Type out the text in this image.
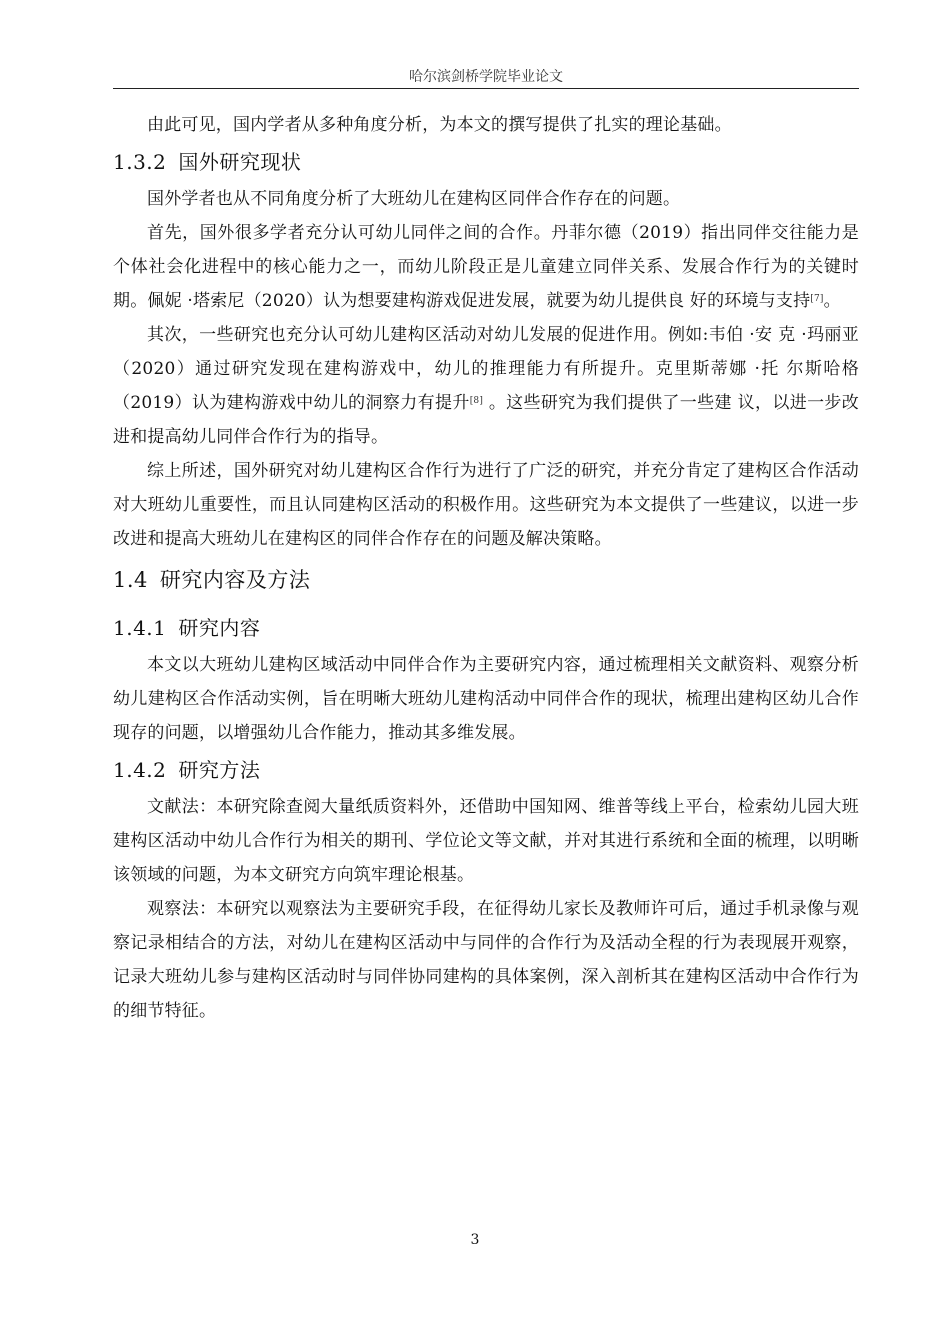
哈尔滨剑桥学院毕业论文

由此可见，国内学者从多种角度分析，为本文的撰写提供了扎实的理论基础。

1.3.2 国外研究现状

国外学者也从不同角度分析了大班幼儿在建构区同伴合作存在的问题。

首先，国外很多学者充分认可幼儿同伴之间的合作。丹菲尔德（2019）指出同伴交往能力是个体社会化进程中的核心能力之一，而幼儿阶段正是儿童建立同伴关系、发展合作行为的关键时期。佩妮 ·塔索尼（2020）认为想要建构游戏促进发展，就要为幼儿提供良 好的环境与支持[7]。

其次，一些研究也充分认可幼儿建构区活动对幼儿发展的促进作用。例如:韦伯 ·安 克 ·玛丽亚（2020）通过研究发现在建构游戏中，幼儿的推理能力有所提升。克里斯蒂娜 ·托 尔斯哈格（2019）认为建构游戏中幼儿的洞察力有提升[8] 。这些研究为我们提供了一些建 议，以进一步改进和提高幼儿同伴合作行为的指导。

综上所述，国外研究对幼儿建构区合作行为进行了广泛的研究，并充分肯定了建构区合作活动对大班幼儿重要性，而且认同建构区活动的积极作用。这些研究为本文提供了一些建议，以进一步改进和提高大班幼儿在建构区的同伴合作存在的问题及解决策略。

1.4 研究内容及方法
1.4.1 研究内容

本文以大班幼儿建构区域活动中同伴合作为主要研究内容，通过梳理相关文献资料、观察分析幼儿建构区合作活动实例，旨在明晰大班幼儿建构活动中同伴合作的现状，梳理出建构区幼儿合作现存的问题，以增强幼儿合作能力，推动其多维发展。

1.4.2 研究方法

文献法：本研究除查阅大量纸质资料外，还借助中国知网、维普等线上平台，检索幼儿园大班建构区活动中幼儿合作行为相关的期刊、学位论文等文献，并对其进行系统和全面的梳理，以明晰该领域的问题，为本文研究方向筑牢理论根基。

观察法：本研究以观察法为主要研究手段，在征得幼儿家长及教师许可后，通过手机录像与观察记录相结合的方法，对幼儿在建构区活动中与同伴的合作行为及活动全程的行为表现展开观察，记录大班幼儿参与建构区活动时与同伴协同建构的具体案例，深入剖析其在建构区活动中合作行为的细节特征。

3
